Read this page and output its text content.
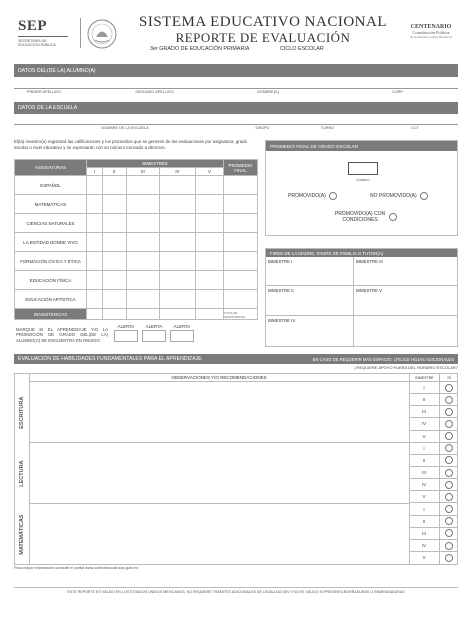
SEP
SECRETARÍA DE
EDUCACIÓN PÚBLICA
SISTEMA EDUCATIVO NACIONAL
REPORTE DE EVALUACIÓN
3er GRADO DE EDUCACIÓN PRIMARIA	CICLO ESCOLAR
CENTENARIO
Constitución Política
de los Estados Unidos Mexicanos
DATOS DEL(DE LA) ALUMNO(A)
PRIMER APELLIDO	SEGUNDO APELLIDO	NOMBRE(S)	CURP
DATOS DE LA ESCUELA
NOMBRE DE LA ESCUELA	GRUPO	TURNO	CCT
El(la) maestro(a) registrará las calificaciones y los promedios que se generen de las evaluaciones por asignatura, grado escolar o nivel educativo y se expresarán con un número truncado a décimos.
ASIGNATURAS	BIMESTRES					PROMEDIO FINAL
	I	II	III	IV	V	
ESPAÑOL						
MATEMÁTICAS						
CIENCIAS NATURALES						
LA ENTIDAD DONDE VIVO						
FORMACIÓN CÍVICA Y ÉTICA						
EDUCACIÓN FÍSICA						
EDUCACIÓN ARTÍSTICA						
INASISTENCIAS						TOTAL DE INASISTENCIAS
MARQUE SI EL APRENDIZAJE Y/O LA PROMOCIÓN DE GRADO DEL(DE LA) ALUMNO(A) SE ENCUENTRA EN RIESGO
ALERTA	ALERTA	ALERTA
PROMEDIO FINAL DE GRADO ESCOLAR
NÚMERO
PROMOVIDO(A)	NO PROMOVIDO(A)
PROMOVIDO(A) CON CONDICIONES
FIRMA DE LA MADRE, PADRE DE FAMILIA O TUTOR(A)
BIMESTRE I	BIMESTRE III
BIMESTRE II	BIMESTRE V
BIMESTRE IV
EVALUACIÓN DE HABILIDADES FUNDAMENTALES PARA EL APRENDIZAJE	EN CASO DE REQUERIR MÁS ESPACIO, UTILICE HOJAS ADICIONALES
¿REQUIERE APOYO FUERA DEL HORARIO ESCOLAR?
OBSERVACIONES Y/O RECOMENDACIONES	BIMESTRE	SÍ
ESCRITURA
I
II
III
IV
V
LECTURA
I
II
III
IV
V
MATEMÁTICAS
I
II
III
IV
V
Para mayor información consulte el portal www.controlescolar.sep.gob.mx
ESTE REPORTE ES VÁLIDO EN LOS ESTADOS UNIDOS MEXICANOS, NO REQUIERE TRÁMITES ADICIONALES DE LEGALIZACIÓN Y NO ES VÁLIDO SI PRESENTA BORRADURAS O ENMENDADURAS
